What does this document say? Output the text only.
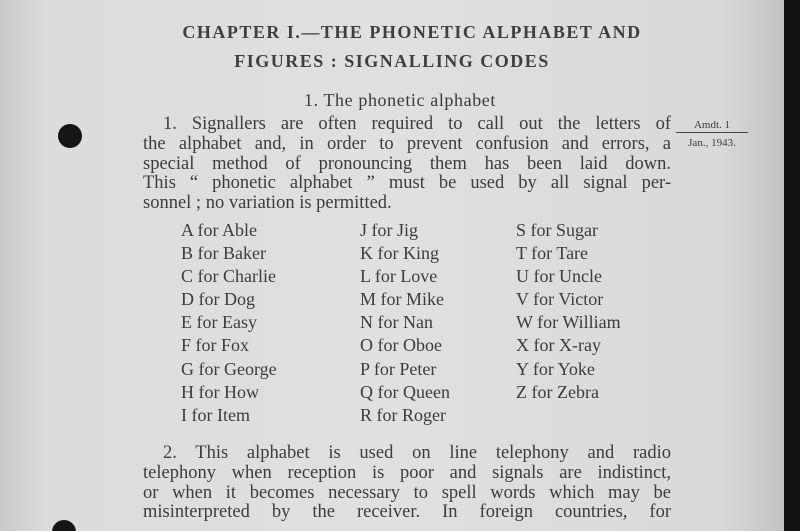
CHAPTER I.—THE PHONETIC ALPHABET AND
FIGURES : SIGNALLING CODES
1. The phonetic alphabet
1. Signallers are often required to call out the letters of
the alphabet and, in order to prevent confusion and errors, a
special method of pronouncing them has been laid down.
This “ phonetic alphabet ” must be used by all signal per-
sonnel ; no variation is permitted.
Amdt. 1
Jan., 1943.
A for Able
B for Baker
C for Charlie
D for Dog
E for Easy
F for Fox
G for George
H for How
I for Item
J for Jig
K for King
L for Love
M for Mike
N for Nan
O for Oboe
P for Peter
Q for Queen
R for Roger
S for Sugar
T for Tare
U for Uncle
V for Victor
W for William
X for X-ray
Y for Yoke
Z for Zebra
2. This alphabet is used on line telephony and radio
telephony when reception is poor and signals are indistinct,
or when it becomes necessary to spell words which may be
misinterpreted by the receiver. In foreign countries, for
